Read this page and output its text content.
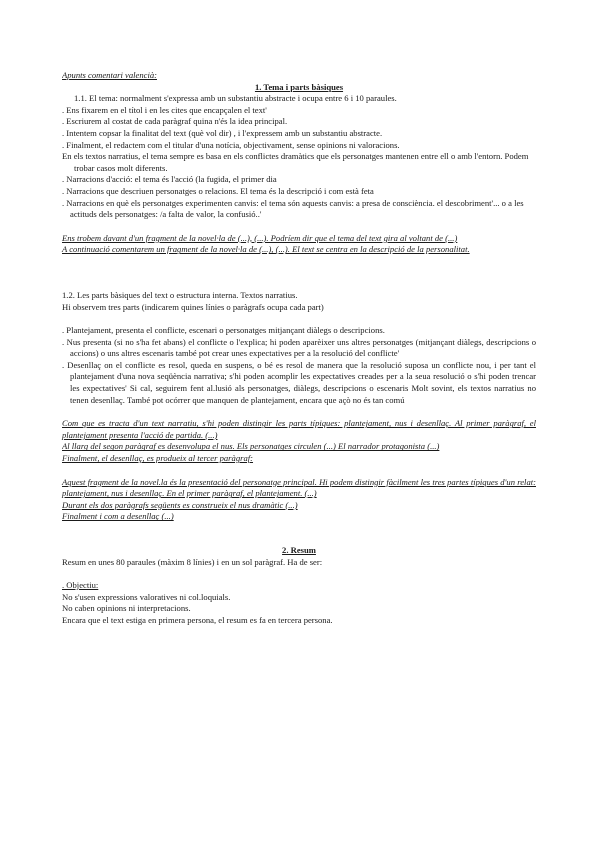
Apunts comentari valencià:

1. Tema i parts bàsiques

1.1. El tema: normalment s'expressa amb un substantiu abstracte i ocupa entre 6 i 10 paraules.

. Ens fixarem en el títol i en les cites que encapçalen el text'

. Escriurem al costat de cada paràgraf quina n'és la idea principal.

. Intentem copsar la finalitat del text (què vol dir) , i l'expressem amb un substantiu abstracte.

. Finalment, el redactem com el titular d'una notícia, objectivament, sense opinions ni valoracions.

En els textos narratius, el tema sempre es basa en els conflictes dramàtics que els personatges mantenen entre ell o amb l'entorn. Podem trobar casos molt diferents.

. Narracions d'acció: el tema és l'acció (la fugida, el primer dia

. Narracions que descriuen personatges o relacions. El tema és la descripció i com està feta

. Narracions en què els personatges experimenten canvis: el tema són aquests canvis: a presa de consciència. el descobriment'... o a les actituds dels personatges: /a falta de valor, la confusió..'

Ens trobem davant d'un fragment de la novel·la de (...), (...). Podríem dir que el tema del text gira al voltant de (...)

A continuació comentarem un fragment de la novel·la de (...), (...). El text se centra en la descripció de la personalitat.

1.2. Les parts bàsiques del text o estructura interna. Textos narratius.

Hi observem tres parts (indicarem quines línies o paràgrafs ocupa cada part)

. Plantejament, presenta el conflicte, escenari o personatges mitjançant diàlegs o descripcions.

. Nus presenta (si no s'ha fet abans) el conflicte o l'explica; hi poden aparèixer uns altres personatges (mitjançant diàlegs, descripcions o accions) o uns altres escenaris també pot crear unes expectatives per a la resolució del conflicte'

. Desenllaç on el conflicte es resol, queda en suspens, o bé es resol de manera que la resolució suposa un conflicte nou, i per tant el plantejament d'una nova seqüència narrativa; s'hi poden acomplir les expectatives creades per a la seua resolució o s'hi poden trencar les expectatives' Si cal, seguirem fent al.lusió als personatges, diàlegs, descripcions o escenaris Molt sovint, els textos narratius no tenen desenllaç. També pot ocórrer que manquen de plantejament, encara que açò no és tan comú

Com que es tracta d'un text narratiu, s'hi poden distingir les parts típiques: plantejament, nus i desenllaç. Al primer paràgraf, el plantejament presenta l'acció de partida. (...)

Al llarg del segon paràgraf es desenvolupa el nus. Els personatges circulen (...) El narrador protagonista (...)

Finalment, el desenllaç, es produeix al tercer paràgraf:

Aquest fragment de la novel.la és la presentació del personatge principal. Hi podem distingir fàcilment les tres partes típiques d'un relat: plantejament, nus i desenllaç. En el primer paràgraf, el plantejament. (...)

Durant els dos paràgrafs següents es construeix el nus dramàtic (...)

Finalment i com a desenllaç (...)

2. Resum

Resum en unes 80 paraules (màxim 8 línies) i en un sol paràgraf. Ha de ser:

. Objectiu:

No s'usen expressions valoratives ni col.loquials.

No caben opinions ni interpretacions.

Encara que el text estiga en primera persona, el resum es fa en tercera persona.
